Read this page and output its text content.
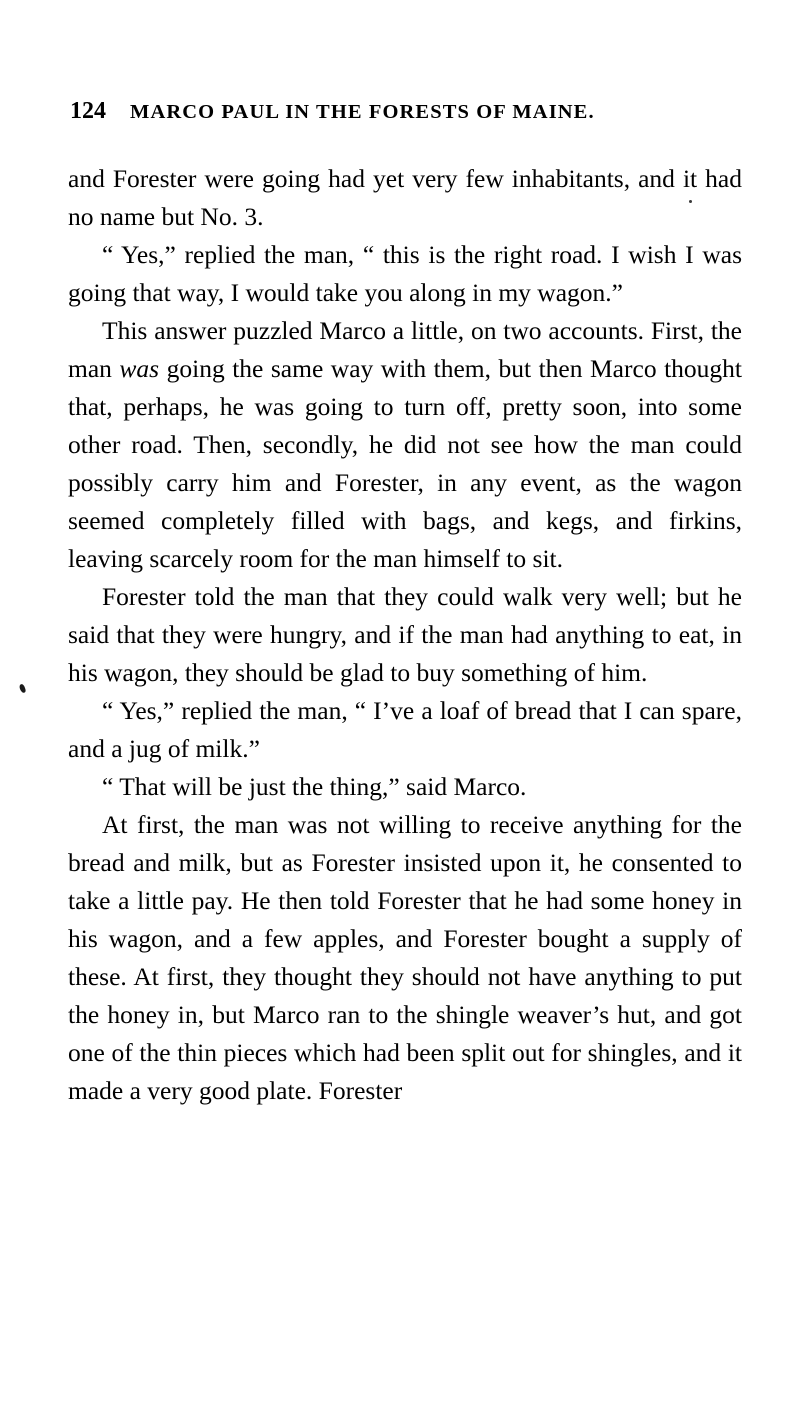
124 MARCO PAUL IN THE FORESTS OF MAINE.

and Forester were going had yet very few inhabitants, and it had no name but No. 3.

“ Yes,” replied the man, “ this is the right road. I wish I was going that way, I would take you along in my wagon.”

This answer puzzled Marco a little, on two accounts. First, the man was going the same way with them, but then Marco thought that, perhaps, he was going to turn off, pretty soon, into some other road. Then, secondly, he did not see how the man could possibly carry him and Forester, in any event, as the wagon seemed completely filled with bags, and kegs, and firkins, leaving scarcely room for the man himself to sit.

Forester told the man that they could walk very well; but he said that they were hungry, and if the man had anything to eat, in his wagon, they should be glad to buy something of him.

“ Yes,” replied the man, “ I’ve a loaf of bread that I can spare, and a jug of milk.”

“ That will be just the thing,” said Marco.

At first, the man was not willing to receive anything for the bread and milk, but as Forester insisted upon it, he consented to take a little pay. He then told Forester that he had some honey in his wagon, and a few apples, and Forester bought a supply of these. At first, they thought they should not have anything to put the honey in, but Marco ran to the shingle weaver’s hut, and got one of the thin pieces which had been split out for shingles, and it made a very good plate. Forester
